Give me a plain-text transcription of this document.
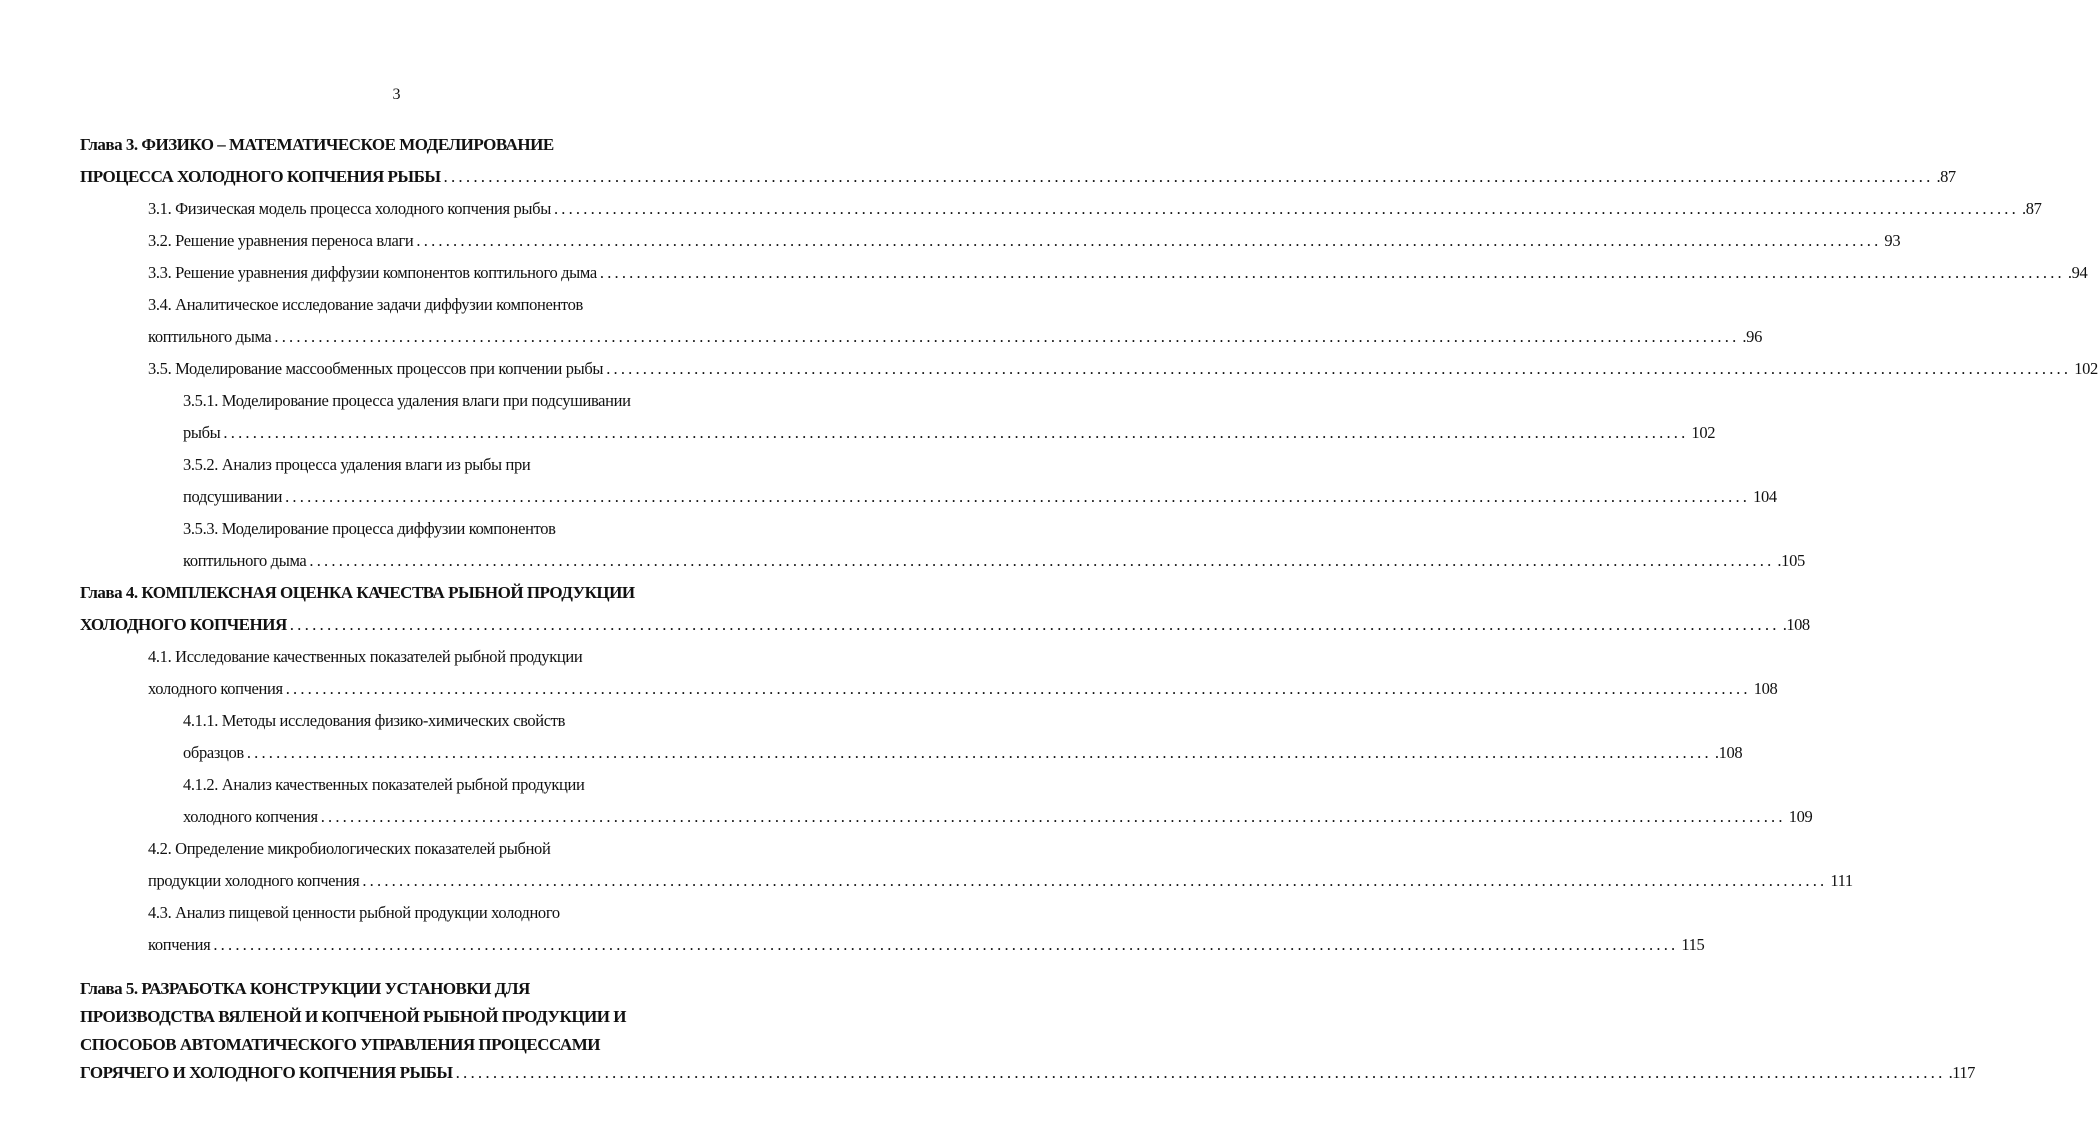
3
Глава 3. ФИЗИКО – МАТЕМАТИЧЕСКОЕ МОДЕЛИРОВАНИЕ
ПРОЦЕССА ХОЛОДНОГО КОПЧЕНИЯ РЫБЫ ........................................................................................................................................................................................................ .87
3.1. Физическая модель процесса холодного копчения рыбы ........................................................................................................................................................................................................ .87
3.2. Решение уравнения переноса влаги ........................................................................................................................................................................................................ 93
3.3. Решение уравнения диффузии компонентов коптильного дыма ........................................................................................................................................................................................................ .94
3.4. Аналитическое исследование задачи диффузии компонентов
коптильного дыма ........................................................................................................................................................................................................ .96
3.5. Моделирование массообменных процессов при копчении рыбы ........................................................................................................................................................................................................ 102
3.5.1. Моделирование процесса удаления влаги при подсушивании
рыбы ........................................................................................................................................................................................................ 102
3.5.2. Анализ процесса удаления влаги из рыбы при
подсушивании ........................................................................................................................................................................................................ 104
3.5.3. Моделирование процесса диффузии компонентов
коптильного дыма ........................................................................................................................................................................................................ .105
Глава 4. КОМПЛЕКСНАЯ ОЦЕНКА КАЧЕСТВА РЫБНОЙ ПРОДУКЦИИ
ХОЛОДНОГО КОПЧЕНИЯ ........................................................................................................................................................................................................ .108
4.1. Исследование качественных показателей рыбной продукции
холодного копчения ........................................................................................................................................................................................................ 108
4.1.1. Методы исследования физико-химических свойств
образцов ........................................................................................................................................................................................................ .108
4.1.2. Анализ качественных показателей рыбной продукции
холодного копчения ........................................................................................................................................................................................................ 109
4.2. Определение микробиологических показателей рыбной
продукции холодного копчения ........................................................................................................................................................................................................ 111
4.3. Анализ пищевой ценности рыбной продукции холодного
копчения ........................................................................................................................................................................................................ 115
Глава 5. РАЗРАБОТКА КОНСТРУКЦИИ УСТАНОВКИ ДЛЯ
ПРОИЗВОДСТВА ВЯЛЕНОЙ И КОПЧЕНОЙ РЫБНОЙ ПРОДУКЦИИ И
СПОСОБОВ АВТОМАТИЧЕСКОГО УПРАВЛЕНИЯ ПРОЦЕССАМИ
ГОРЯЧЕГО И ХОЛОДНОГО КОПЧЕНИЯ РЫБЫ ........................................................................................................................................................................................................ .117
